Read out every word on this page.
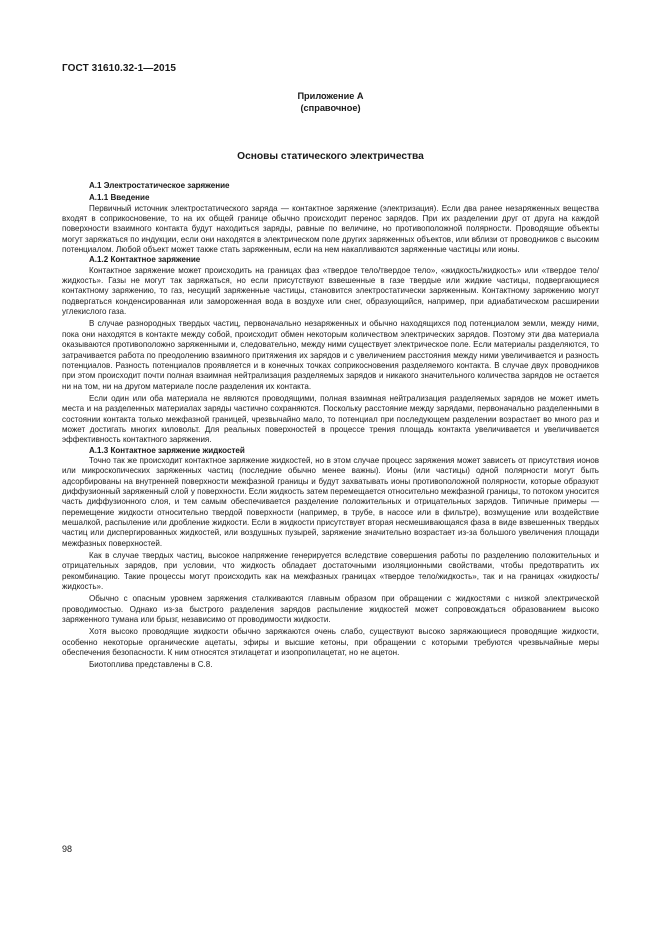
ГОСТ 31610.32-1—2015
Приложение А
(справочное)
Основы статического электричества
А.1 Электростатическое заряжение
А.1.1 Введение

Первичный источник электростатического заряда — контактное заряжение (электризация). Если два ранее незаряженных вещества входят в соприкосновение, то на их общей границе обычно происходит перенос зарядов. При их разделении друг от друга на каждой поверхности взаимного контакта будут находиться заряды, равные по величине, но противоположной полярности. Проводящие объекты могут заряжаться по индукции, если они находятся в электрическом поле других заряженных объектов, или вблизи от проводников с высоким потенциалом. Любой объект может также стать заряженным, если на нем накапливаются заряженные частицы или ионы.

А.1.2 Контактное заряжение

Контактное заряжение может происходить на границах фаз «твердое тело/твердое тело», «жидкость/жидкость» или «твердое тело/жидкость». Газы не могут так заряжаться, но если присутствуют взвешенные в газе твердые или жидкие частицы, подвергающиеся контактному заряжению, то газ, несущий заряженные частицы, становится электростатически заряженным. Контактному заряжению могут подвергаться конденсированная или замороженная вода в воздухе или снег, образующийся, например, при адиабатическом расширении углекислого газа.

В случае разнородных твердых частиц, первоначально незаряженных и обычно находящихся под потенциалом земли, между ними, пока они находятся в контакте между собой, происходит обмен некоторым количеством электрических зарядов. Поэтому эти два материала оказываются противоположно заряженными и, следовательно, между ними существует электрическое поле. Если материалы разделяются, то затрачивается работа по преодолению взаимного притяжения их зарядов и с увеличением расстояния между ними увеличивается и разность потенциалов. Разность потенциалов проявляется и в конечных точках соприкосновения разделяемого контакта. В случае двух проводников при этом происходит почти полная взаимная нейтрализация разделяемых зарядов и никакого значительного количества зарядов не остается ни на том, ни на другом материале после разделения их контакта.

Если один или оба материала не являются проводящими, полная взаимная нейтрализация разделяемых зарядов не может иметь места и на разделенных материалах заряды частично сохраняются. Поскольку расстояние между зарядами, первоначально разделенными в состоянии контакта только межфазной границей, чрезвычайно мало, то потенциал при последующем разделении возрастает во много раз и может достигать многих киловольт. Для реальных поверхностей в процессе трения площадь контакта увеличивается и увеличивается эффективность контактного заряжения.

А.1.3 Контактное заряжение жидкостей

Точно так же происходит контактное заряжение жидкостей, но в этом случае процесс заряжения может зависеть от присутствия ионов или микроскопических заряженных частиц (последние обычно менее важны). Ионы (или частицы) одной полярности могут быть адсорбированы на внутренней поверхности межфазной границы и будут захватывать ионы противоположной полярности, которые образуют диффузионный заряженный слой у поверхности. Если жидкость затем перемещается относительно межфазной границы, то потоком уносится часть диффузионного слоя, и тем самым обеспечивается разделение положительных и отрицательных зарядов. Типичные примеры — перемещение жидкости относительно твердой поверхности (например, в трубе, в насосе или в фильтре), возмущение или воздействие мешалкой, распыление или дробление жидкости. Если в жидкости присутствует вторая несмешивающаяся фаза в виде взвешенных твердых частиц или диспергированных жидкостей, или воздушных пузырей, заряжение значительно возрастает из-за большого увеличения площади межфазных поверхностей.

Как в случае твердых частиц, высокое напряжение генерируется вследствие совершения работы по разделению положительных и отрицательных зарядов, при условии, что жидкость обладает достаточными изоляционными свойствами, чтобы предотвратить их рекомбинацию. Такие процессы могут происходить как на межфазных границах «твердое тело/жидкость», так и на границах «жидкость/жидкость».

Обычно с опасным уровнем заряжения сталкиваются главным образом при обращении с жидкостями с низкой электрической проводимостью. Однако из-за быстрого разделения зарядов распыление жидкостей может сопровождаться образованием высоко заряженного тумана или брызг, независимо от проводимости жидкости.

Хотя высоко проводящие жидкости обычно заряжаются очень слабо, существуют высоко заряжающиеся проводящие жидкости, особенно некоторые органические ацетаты, эфиры и высшие кетоны, при обращении с которыми требуются чрезвычайные меры обеспечения безопасности. К ним относятся этилацетат и изопропилацетат, но не ацетон.

Биотоплива представлены в С.8.

98
